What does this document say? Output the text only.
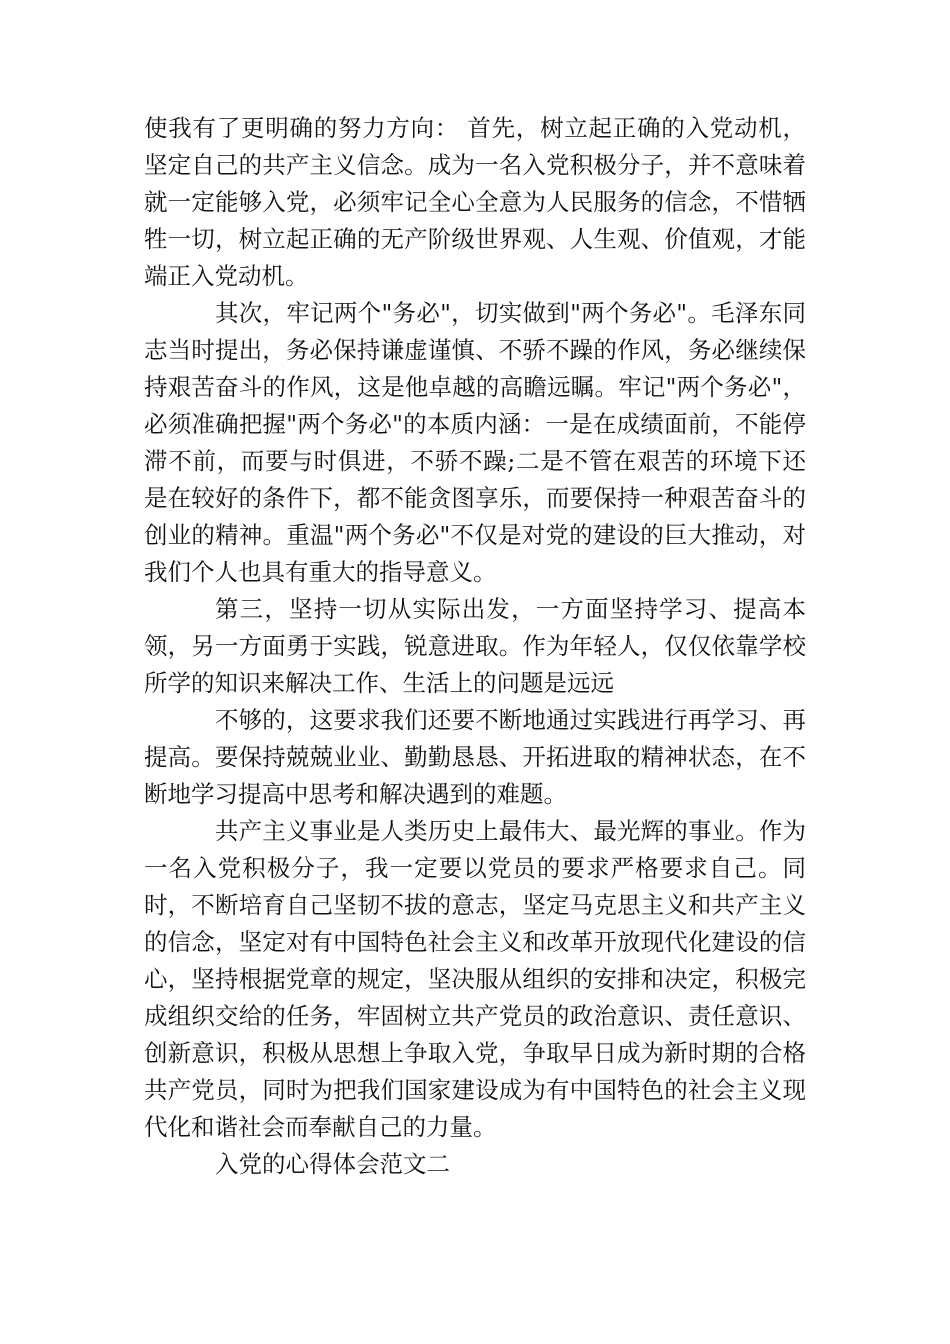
使我有了更明确的努力方向： 首先，树立起正确的入党动机，坚定自己的共产主义信念。成为一名入党积极分子，并不意味着就一定能够入党，必须牢记全心全意为人民服务的信念，不惜牺牲一切，树立起正确的无产阶级世界观、人生观、价值观，才能端正入党动机。

其次，牢记两个"务必"，切实做到"两个务必"。毛泽东同志当时提出，务必保持谦虚谨慎、不骄不躁的作风，务必继续保持艰苦奋斗的作风，这是他卓越的高瞻远瞩。牢记"两个务必"，必须准确把握"两个务必"的本质内涵：一是在成绩面前，不能停滞不前，而要与时俱进，不骄不躁;二是不管在艰苦的环境下还是在较好的条件下，都不能贪图享乐，而要保持一种艰苦奋斗的创业的精神。重温"两个务必"不仅是对党的建设的巨大推动，对我们个人也具有重大的指导意义。

第三，坚持一切从实际出发，一方面坚持学习、提高本领，另一方面勇于实践，锐意进取。作为年轻人，仅仅依靠学校所学的知识来解决工作、生活上的问题是远远

不够的，这要求我们还要不断地通过实践进行再学习、再提高。要保持兢兢业业、勤勤恳恳、开拓进取的精神状态，在不断地学习提高中思考和解决遇到的难题。

共产主义事业是人类历史上最伟大、最光辉的事业。作为一名入党积极分子，我一定要以党员的要求严格要求自己。同时，不断培育自己坚韧不拔的意志，坚定马克思主义和共产主义的信念，坚定对有中国特色社会主义和改革开放现代化建设的信心，坚持根据党章的规定，坚决服从组织的安排和决定，积极完成组织交给的任务，牢固树立共产党员的政治意识、责任意识、创新意识，积极从思想上争取入党，争取早日成为新时期的合格共产党员，同时为把我们国家建设成为有中国特色的社会主义现代化和谐社会而奉献自己的力量。

入党的心得体会范文二
